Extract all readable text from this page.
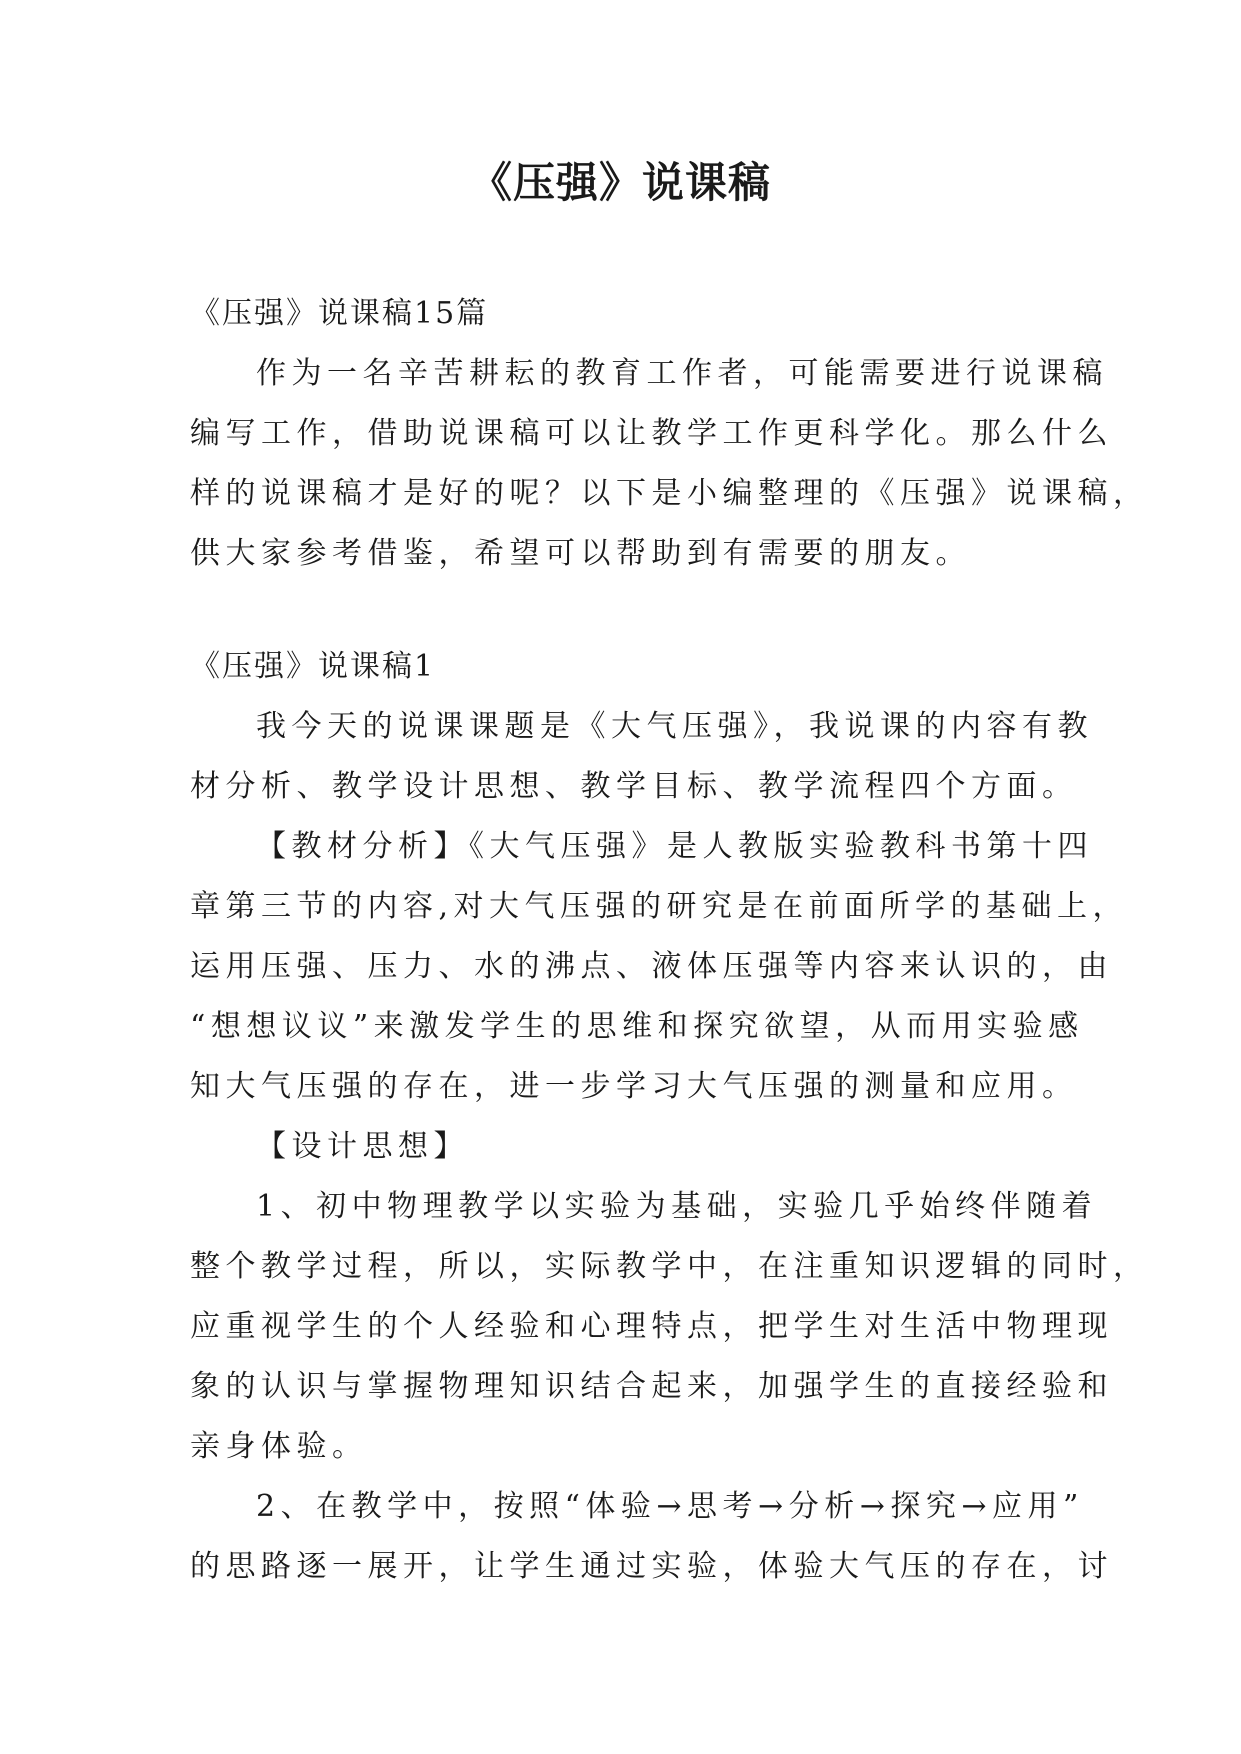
《压强》说课稿
《压强》说课稿15篇
作为一名辛苦耕耘的教育工作者，可能需要进行说课稿
编写工作，借助说课稿可以让教学工作更科学化。那么什么
样的说课稿才是好的呢？以下是小编整理的《压强》说课稿，
供大家参考借鉴，希望可以帮助到有需要的朋友。
《压强》说课稿1
我今天的说课课题是《大气压强》，我说课的内容有教
材分析、教学设计思想、教学目标、教学流程四个方面。
【教材分析】《大气压强》是人教版实验教科书第十四
章第三节的内容,对大气压强的研究是在前面所学的基础上，
运用压强、压力、水的沸点、液体压强等内容来认识的，由
“想想议议”来激发学生的思维和探究欲望，从而用实验感
知大气压强的存在，进一步学习大气压强的测量和应用。
【设计思想】
1、初中物理教学以实验为基础，实验几乎始终伴随着
整个教学过程，所以，实际教学中，在注重知识逻辑的同时，
应重视学生的个人经验和心理特点，把学生对生活中物理现
象的认识与掌握物理知识结合起来，加强学生的直接经验和
亲身体验。
2、在教学中，按照“体验→思考→分析→探究→应用”
的思路逐一展开，让学生通过实验，体验大气压的存在，讨
